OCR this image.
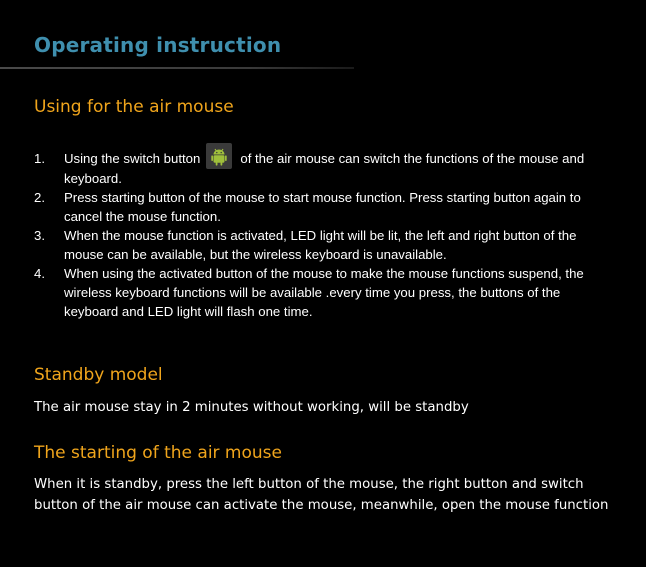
Operating instruction
Using for the air mouse
1. Using the switch button	of the air mouse can switch the functions of the mouse and keyboard.
2. Press starting button of the mouse to start mouse function. Press starting button again to cancel the mouse function.
3. When the mouse function is activated, LED light will be lit, the left and right button of the mouse can be available, but the wireless keyboard is unavailable.
4. When using the activated button of the mouse to make the mouse functions suspend, the wireless keyboard functions will be available .every time you press, the buttons of the keyboard and LED light will flash one time.
Standby model

The air mouse stay in 2 minutes without working, will be standby

The starting of the air mouse

When it is standby, press the left button of the mouse, the right button and switch button of the air mouse can activate the mouse, meanwhile, open the mouse function
